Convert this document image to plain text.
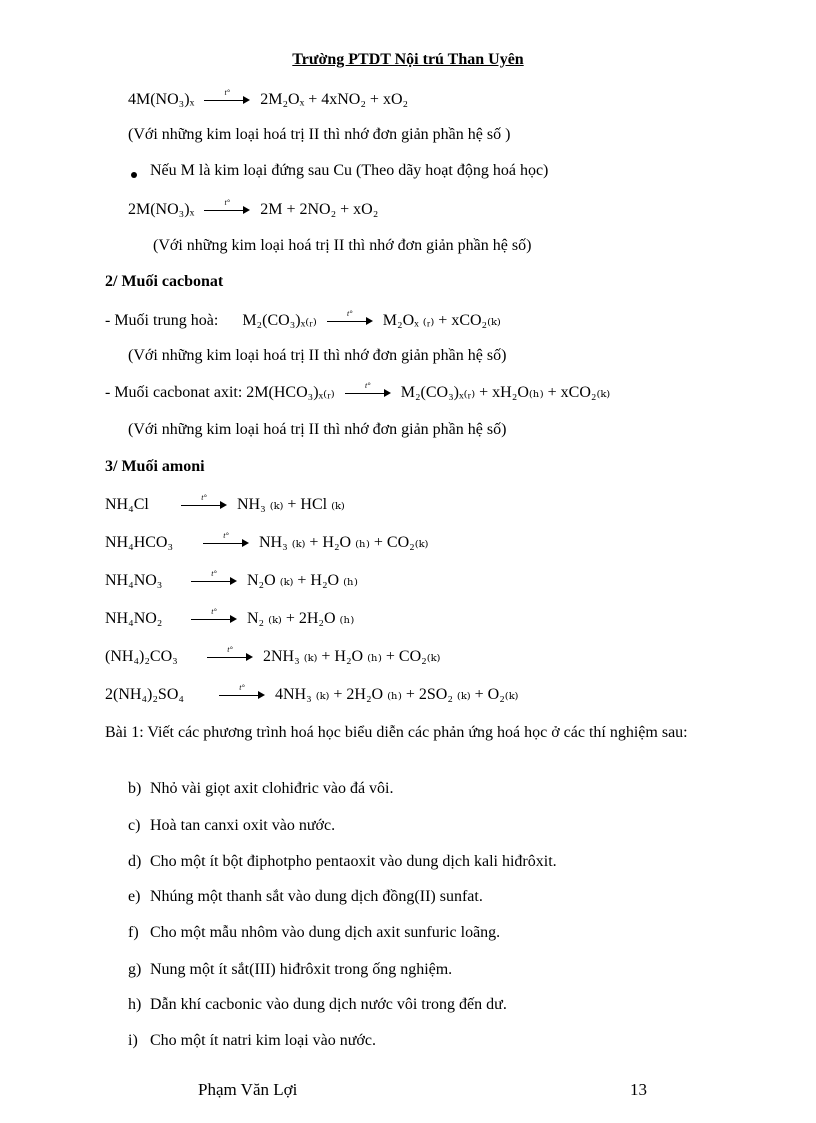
Trường PTDT Nội trú Than Uyên
4M(NO₃)ₓ	t°	2M₂Oₓ + 4xNO₂ + xO₂
(Với những kim loại hoá trị II thì nhớ đơn giản phần hệ số )
Nếu M là kim loại đứng sau Cu (Theo dãy hoạt động hoá học)
2M(NO₃)ₓ	t°	2M + 2NO₂ + xO₂
(Với những kim loại hoá trị II thì nhớ đơn giản phần hệ số)
2/ Muối cacbonat
- Muối trung hoà: M₂(CO₃)ₓ₍ᵣ₎	t°	M₂Oₓ ₍ᵣ₎ + xCO₂₍ₖ₎
(Với những kim loại hoá trị II thì nhớ đơn giản phần hệ số)
- Muối cacbonat axit: 2M(HCO₃)ₓ₍ᵣ₎	t°	M₂(CO₃)ₓ₍ᵣ₎ + xH₂O₍ₕ₎ + xCO₂₍ₖ₎
(Với những kim loại hoá trị II thì nhớ đơn giản phần hệ số)
3/ Muối amoni
NH₄Cl	t°	NH₃ ₍ₖ₎ + HCl ₍ₖ₎
NH₄HCO₃	t°	NH₃ ₍ₖ₎ + H₂O ₍ₕ₎ + CO₂₍ₖ₎
NH₄NO₃	t°	N₂O ₍ₖ₎ + H₂O ₍ₕ₎
NH₄NO₂	t°	N₂ ₍ₖ₎ + 2H₂O ₍ₕ₎
(NH₄)₂CO₃	t°	2NH₃ ₍ₖ₎ + H₂O ₍ₕ₎ + CO₂₍ₖ₎
2(NH₄)₂SO₄	t°	4NH₃ ₍ₖ₎ + 2H₂O ₍ₕ₎ + 2SO₂ ₍ₖ₎ + O₂₍ₖ₎
Bài 1: Viết các phương trình hoá học biểu diễn các phản ứng hoá học ở các thí nghiệm sau:
b) Nhỏ vài giọt axit clohiđric vào đá vôi.
c) Hoà tan canxi oxit vào nước.
d) Cho một ít bột điphotpho pentaoxit vào dung dịch kali hiđrôxit.
e) Nhúng một thanh sắt vào dung dịch đồng(II) sunfat.
f) Cho một mẫu nhôm vào dung dịch axit sunfuric loãng.
g) Nung một ít sắt(III) hiđrôxit trong ống nghiệm.
h) Dẫn khí cacbonic vào dung dịch nước vôi trong đến dư.
i) Cho một ít natri kim loại vào nước.
Phạm Văn Lợi	13
